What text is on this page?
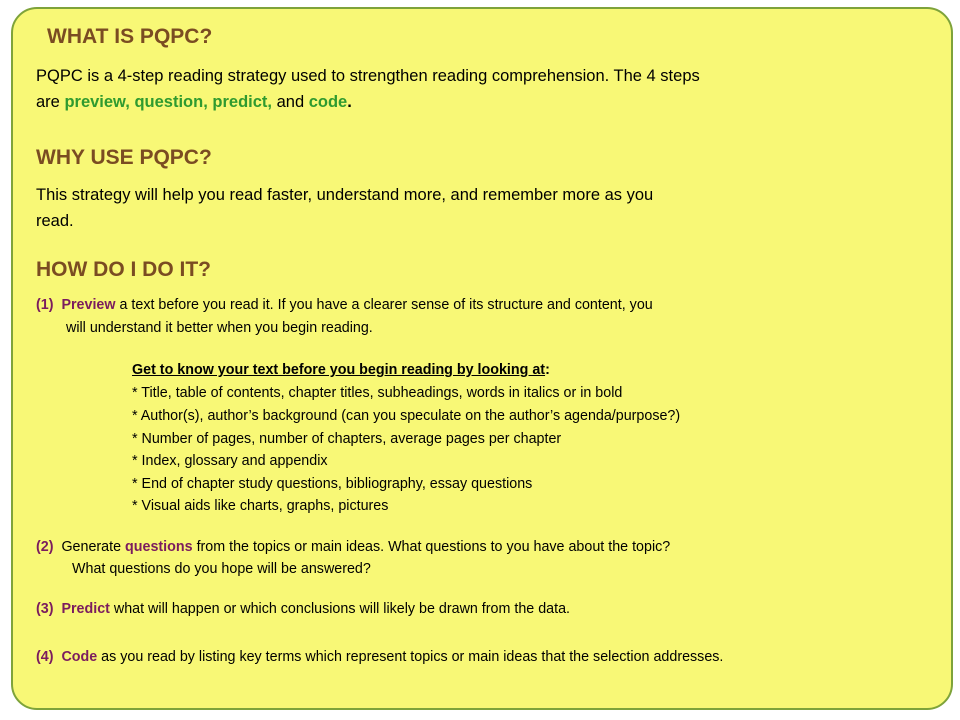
WHAT IS PQPC?
PQPC is a 4-step reading strategy used to strengthen reading comprehension. The 4 steps
are preview, question, predict, and code.
WHY USE PQPC?
This strategy will help you read faster, understand more, and remember more as you
read.
HOW DO I DO IT?
(1) Preview a text before you read it. If you have a clearer sense of its structure and content, you
will understand it better when you begin reading.
Get to know your text before you begin reading by looking at:
* Title, table of contents, chapter titles, subheadings, words in italics or in bold
* Author(s), author’s background (can you speculate on the author’s agenda/purpose?)
* Number of pages, number of chapters, average pages per chapter
* Index, glossary and appendix
* End of chapter study questions, bibliography, essay questions
* Visual aids like charts, graphs, pictures
(2) Generate questions from the topics or main ideas. What questions to you have about the topic?
What questions do you hope will be answered?
(3) Predict what will happen or which conclusions will likely be drawn from the data.
(4) Code as you read by listing key terms which represent topics or main ideas that the selection addresses.
